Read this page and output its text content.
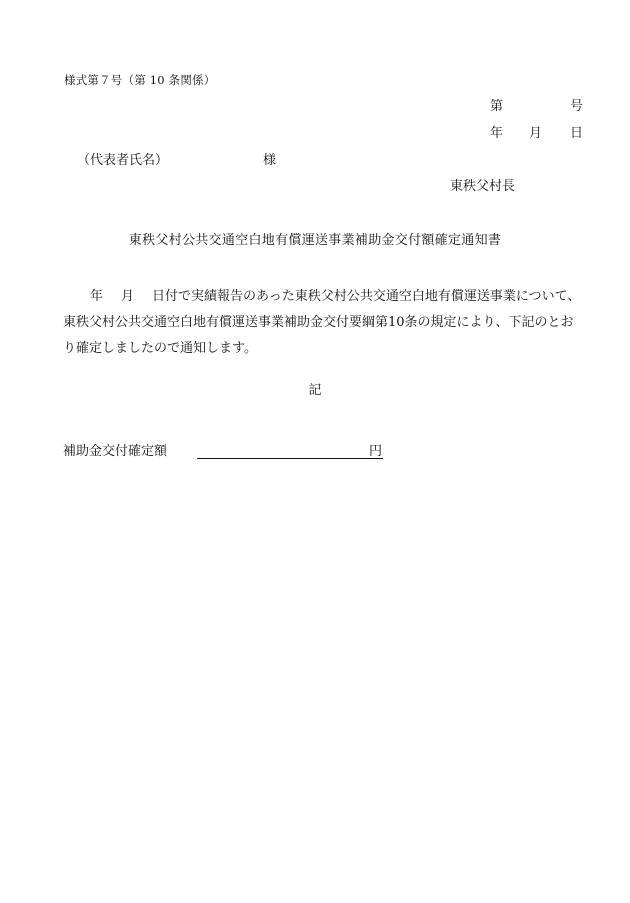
様式第７号（第 10 条関係）
第	号
年 月 日
（代表者氏名）	様
東秩父村長
東秩父村公共交通空白地有償運送事業補助金交付額確定通知書
年 月 日付で実績報告のあった東秩父村公共交通空白地有償運送事業について、
東秩父村公共交通空白地有償運送事業補助金交付要綱第10条の規定により、下記のとお
り確定しましたので通知します。
記
補助金交付確定額	円
